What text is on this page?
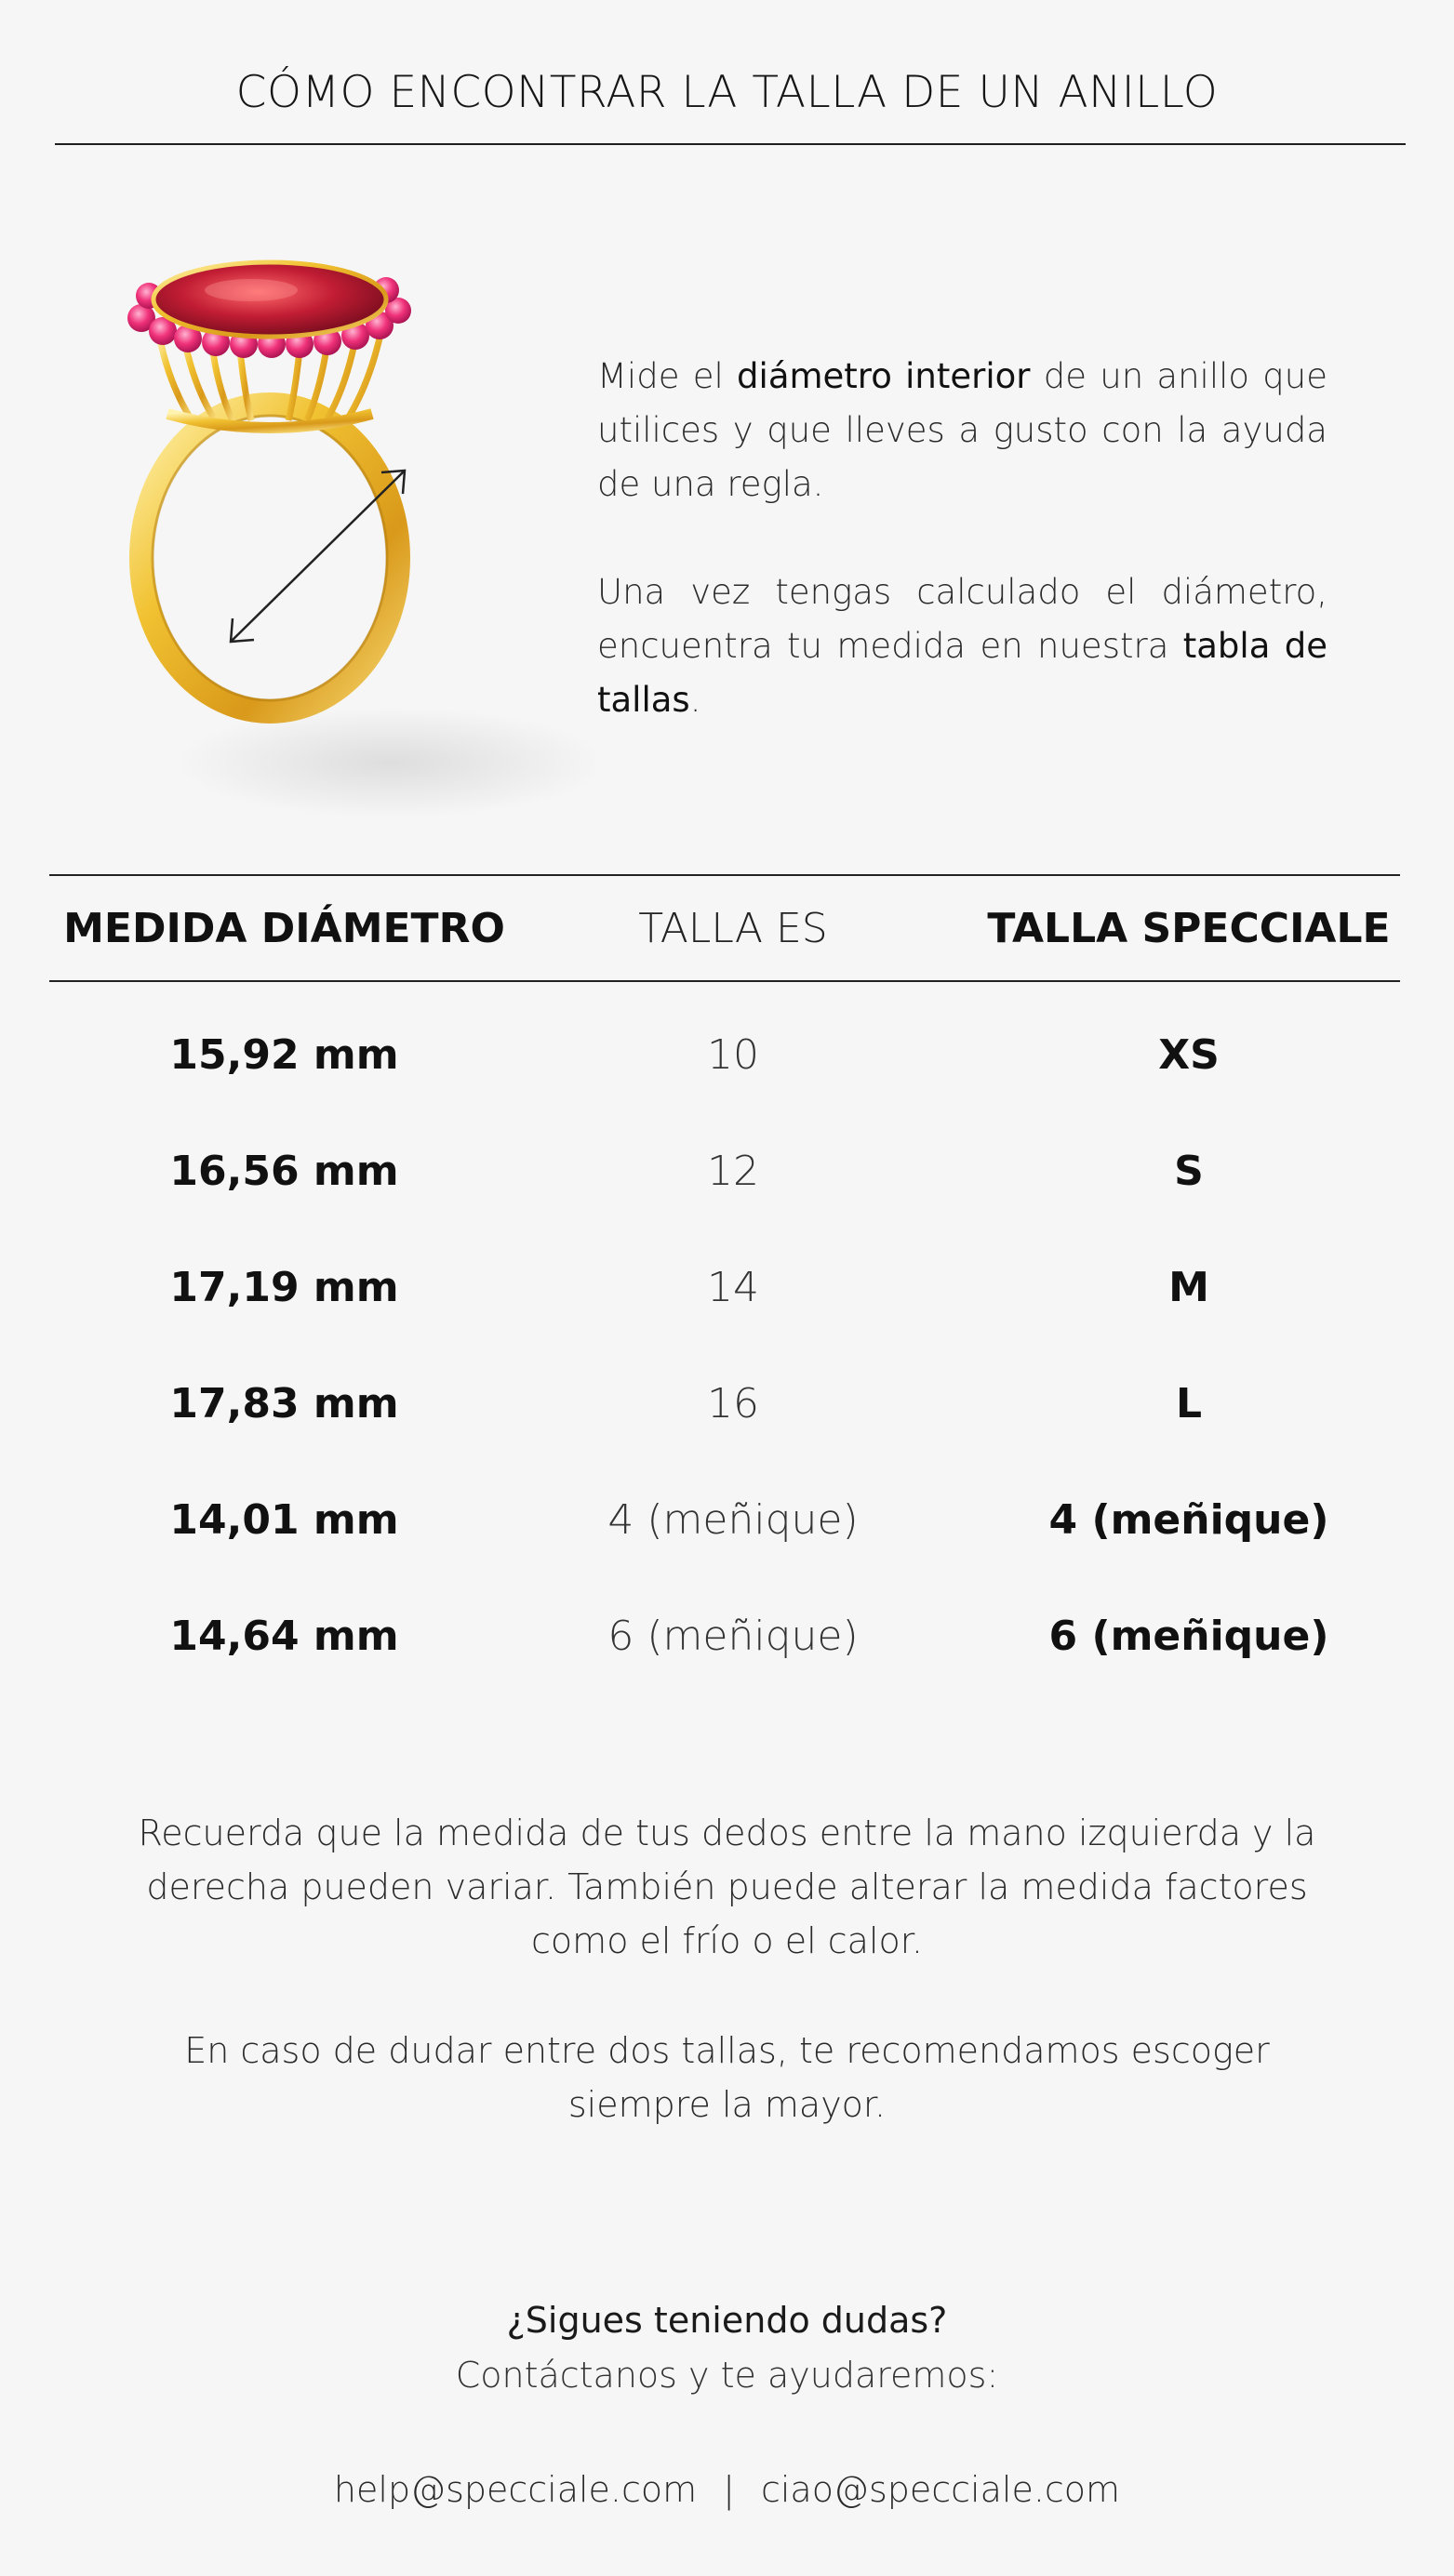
CÓMO ENCONTRAR LA TALLA DE UN ANILLO

Mide el diámetro interior de un anillo que utilices y que lleves a gusto con la ayuda de una regla.

Una vez tengas calculado el diámetro, encuentra tu medida en nuestra tabla de tallas.

MEDIDA DIÁMETRO	TALLA ES	TALLA SPECCIALE
15,92 mm	10	XS
16,56 mm	12	S
17,19 mm	14	M
17,83 mm	16	L
14,01 mm	4 (meñique)	4 (meñique)
14,64 mm	6 (meñique)	6 (meñique)

Recuerda que la medida de tus dedos entre la mano izquierda y la derecha pueden variar. También puede alterar la medida factores como el frío o el calor.

En caso de dudar entre dos tallas, te recomendamos escoger siempre la mayor.

¿Sigues teniendo dudas?

Contáctanos y te ayudaremos:

help@specciale.com | ciao@specciale.com
